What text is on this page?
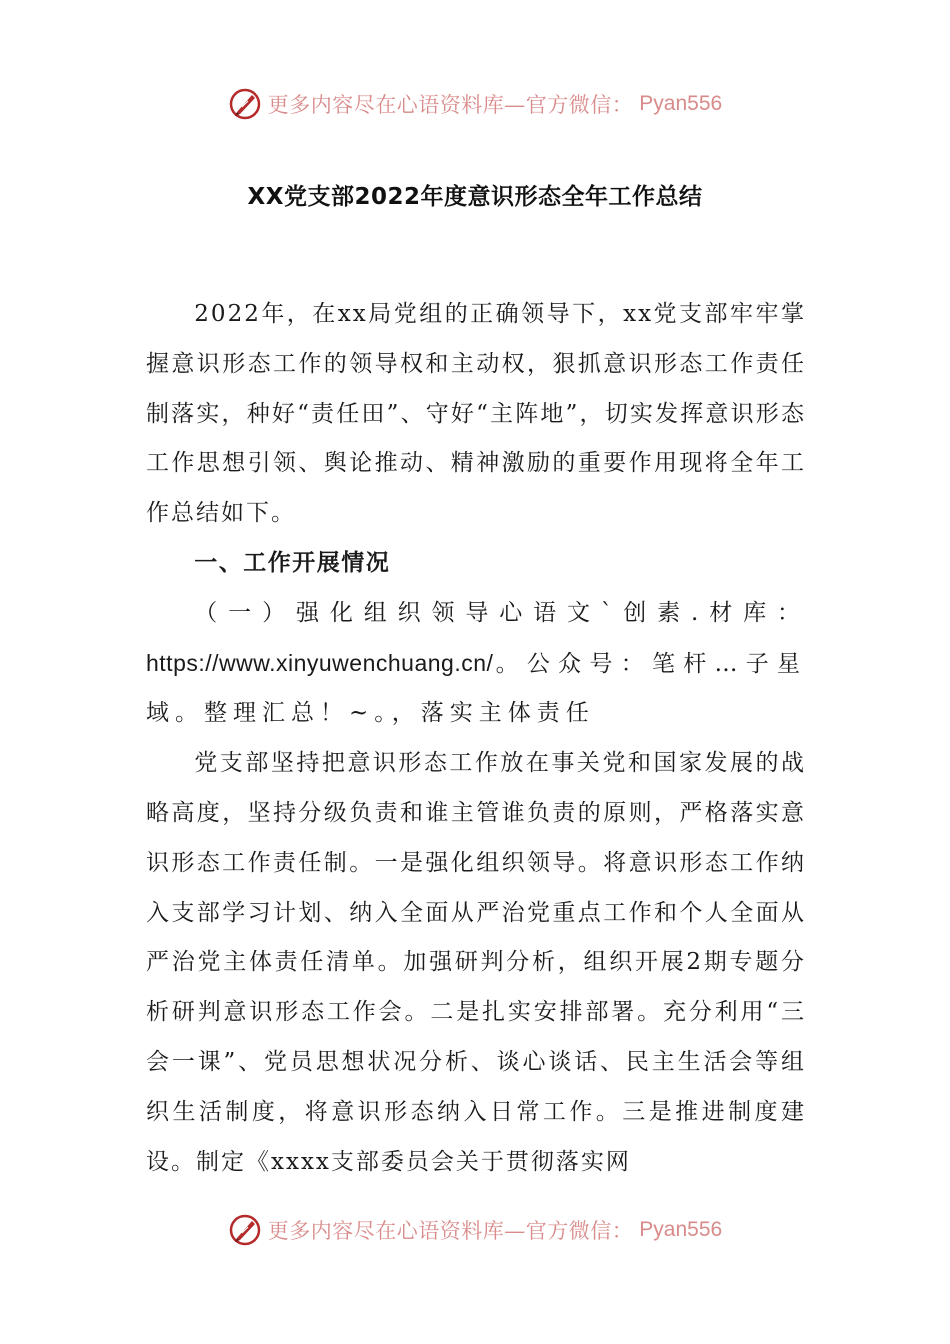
更多内容尽在心语资料库—官方微信： Pyan556
XX党支部2022年度意识形态全年工作总结

2022年，在xx局党组的正确领导下，xx党支部牢牢掌握意识形态工作的领导权和主动权，狠抓意识形态工作责任制落实，种好“责任田”、守好“主阵地”，切实发挥意识形态工作思想引领、舆论推动、精神激励的重要作用现将全年工作总结如下。

一、工作开展情况

（一）强化组织领导心语文`创素.材库：https://www.xinyuwenchuang.cn/。公众号：笔杆…子星域。整理汇总！~。，落实主体责任

党支部坚持把意识形态工作放在事关党和国家发展的战略高度，坚持分级负责和谁主管谁负责的原则，严格落实意识形态工作责任制。一是强化组织领导。将意识形态工作纳入支部学习计划、纳入全面从严治党重点工作和个人全面从严治党主体责任清单。加强研判分析，组织开展2期专题分析研判意识形态工作会。二是扎实安排部署。充分利用“三会一课”、党员思想状况分析、谈心谈话、民主生活会等组织生活制度，将意识形态纳入日常工作。三是推进制度建设。制定《xxxx支部委员会关于贯彻落实网

更多内容尽在心语资料库—官方微信： Pyan556
